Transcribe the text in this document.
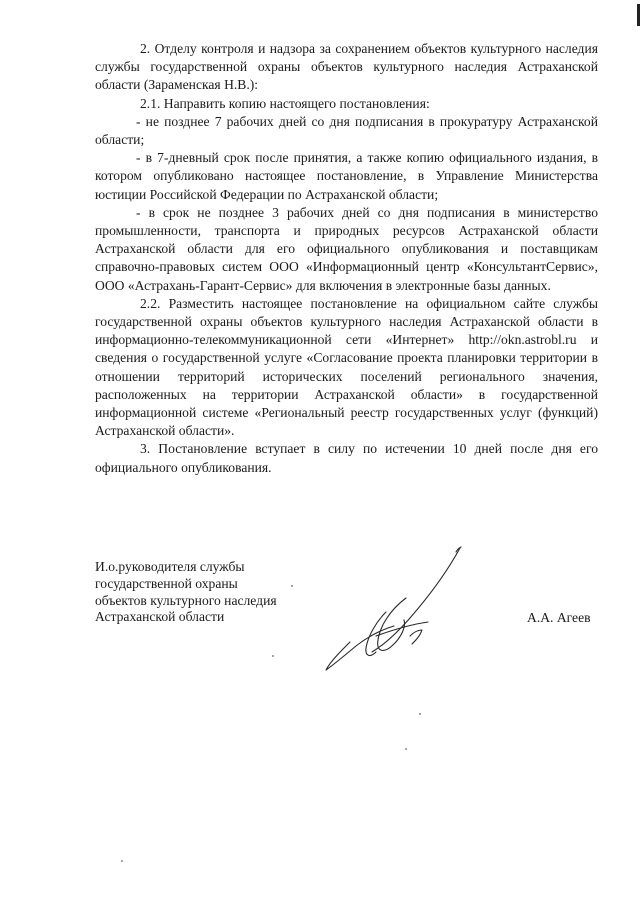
2. Отделу контроля и надзора за сохранением объектов культурного наследия службы государственной охраны объектов культурного наследия Астраханской области (Зараменская Н.В.):

2.1. Направить копию настоящего постановления:

- не позднее 7 рабочих дней со дня подписания в прокуратуру Астраханской области;

- в 7-дневный срок после принятия, а также копию официального издания, в котором опубликовано настоящее постановление, в Управление Министерства юстиции Российской Федерации по Астраханской области;

- в срок не позднее 3 рабочих дней со дня подписания в министерство промышленности, транспорта и природных ресурсов Астраханской области Астраханской области для его официального опубликования и поставщикам справочно-правовых систем ООО «Информационный центр «КонсультантСервис», ООО «Астрахань-Гарант-Сервис» для включения в электронные базы данных.

2.2. Разместить настоящее постановление на официальном сайте службы государственной охраны объектов культурного наследия Астраханской области в информационно-телекоммуникационной сети «Интернет» http://okn.astrobl.ru и сведения о государственной услуге «Согласование проекта планировки территории в отношении территорий исторических поселений регионального значения, расположенных на территории Астраханской области» в государственной информационной системе «Региональный реестр государственных услуг (функций) Астраханской области».

3. Постановление вступает в силу по истечении 10 дней после дня его официального опубликования.

И.о.руководителя службы
государственной охраны
объектов культурного наследия
Астраханской области	А.А. Агеев
